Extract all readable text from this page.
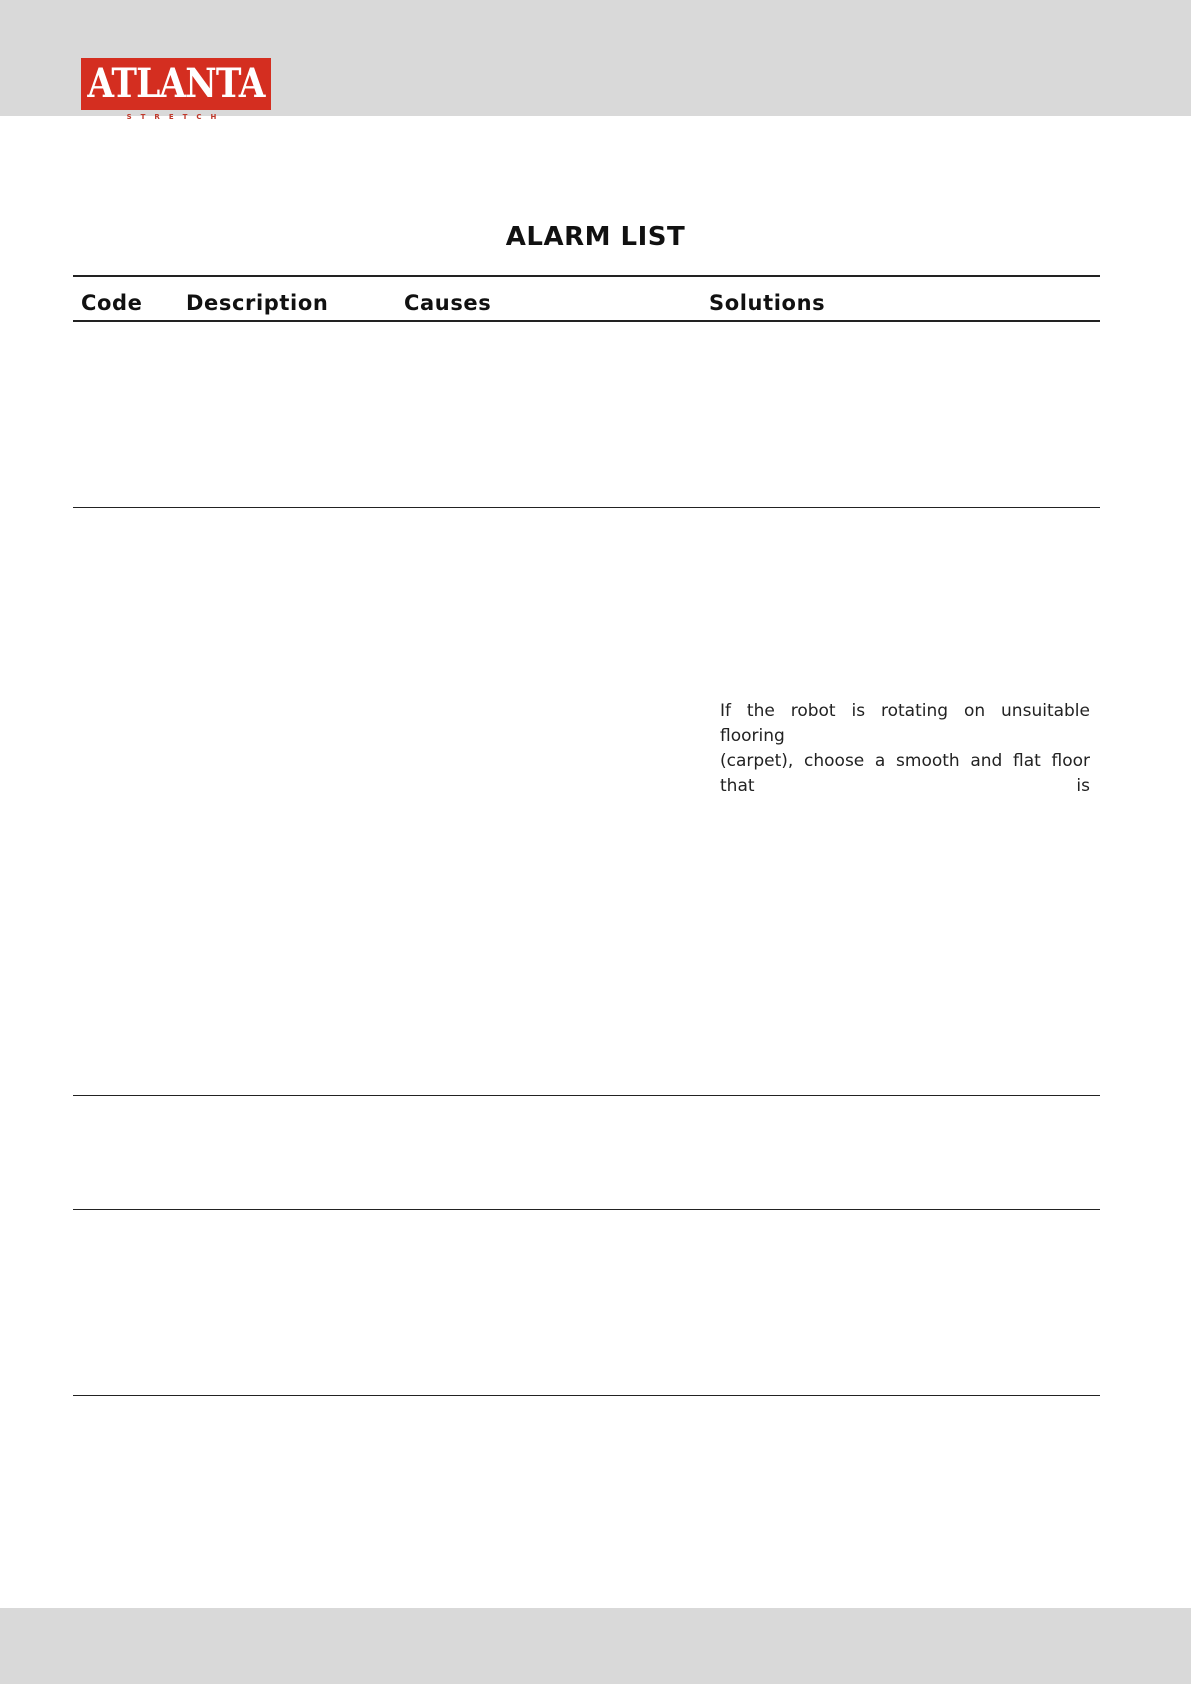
ATLANTA
STRETCH
ALARM LIST
Code Description	Causes	Solutions
If the robot is rotating on unsuitable flooring
(carpet), choose a smooth and flat floor that is
